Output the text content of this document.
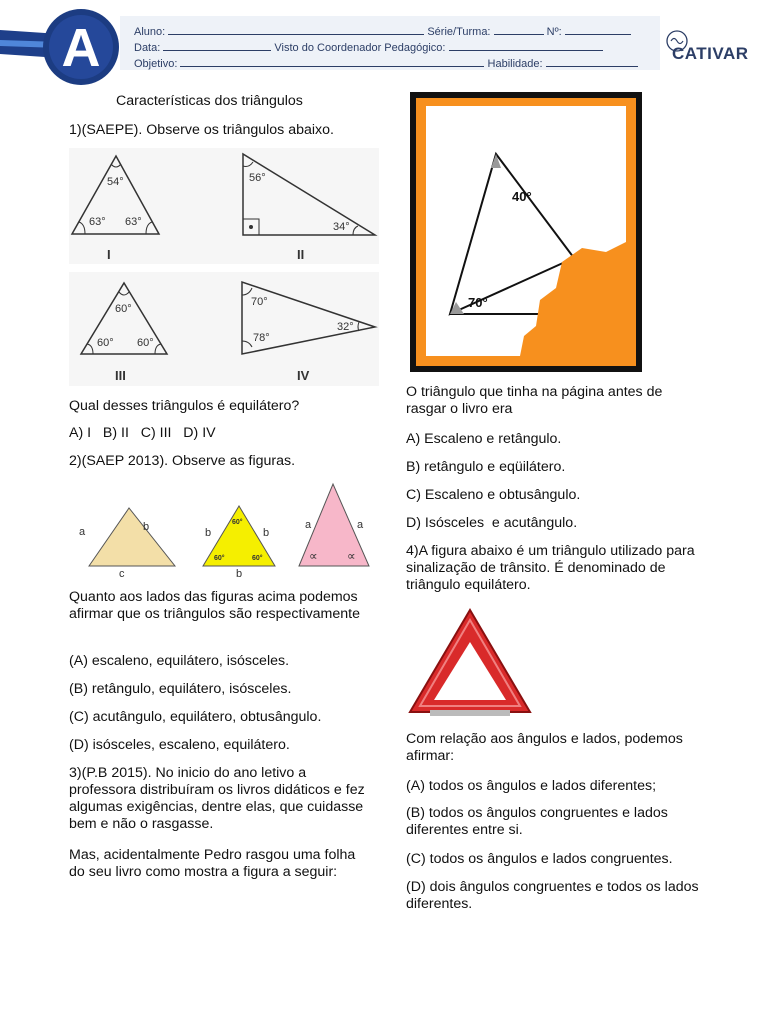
A	Aluno:	Série/Turma:	Nº:
Data:	Visto do Coordenador Pedagógico:
Objetivo:	Habilidade:
CATIVAR

Características dos triângulos

1)(SAEPE). Observe os triângulos abaixo.

54°
63° 63°
I
56°
34°
II
60°
60° 60°
III
70°
78°
32°
IV

Qual desses triângulos é equilátero?

A) I   B) II   C) III   D) IV

2)(SAEP 2013). Observe as figuras.

a	b
c
b	b
b
60°
60°	60°
a	a
∝ ∝

Quanto aos lados das figuras acima podemos afirmar que os triângulos são respectivamente

(A) escaleno, equilátero, isósceles.

(B) retângulo, equilátero, isósceles.

(C) acutângulo, equilátero, obtusângulo.

(D) isósceles, escaleno, equilátero.

3)(P.B 2015). No inicio do ano letivo a professora distribuíram os livros didáticos e fez algumas exigências, dentre elas, que cuidasse bem e não o rasgasse.

Mas, acidentalmente Pedro rasgou uma folha do seu livro como mostra a figura a seguir:

40°
70°

O triângulo que tinha na página antes de rasgar o livro era

A) Escaleno e retângulo.

B) retângulo e eqüilátero.

C) Escaleno e obtusângulo.

D) Isósceles  e acutângulo.

4)A figura abaixo é um triângulo utilizado para sinalização de trânsito. É denominado de triângulo equilátero.

Com relação aos ângulos e lados, podemos afirmar:

(A) todos os ângulos e lados diferentes;

(B) todos os ângulos congruentes e lados diferentes entre si.

(C) todos os ângulos e lados congruentes.

(D) dois ângulos congruentes e todos os lados diferentes.
